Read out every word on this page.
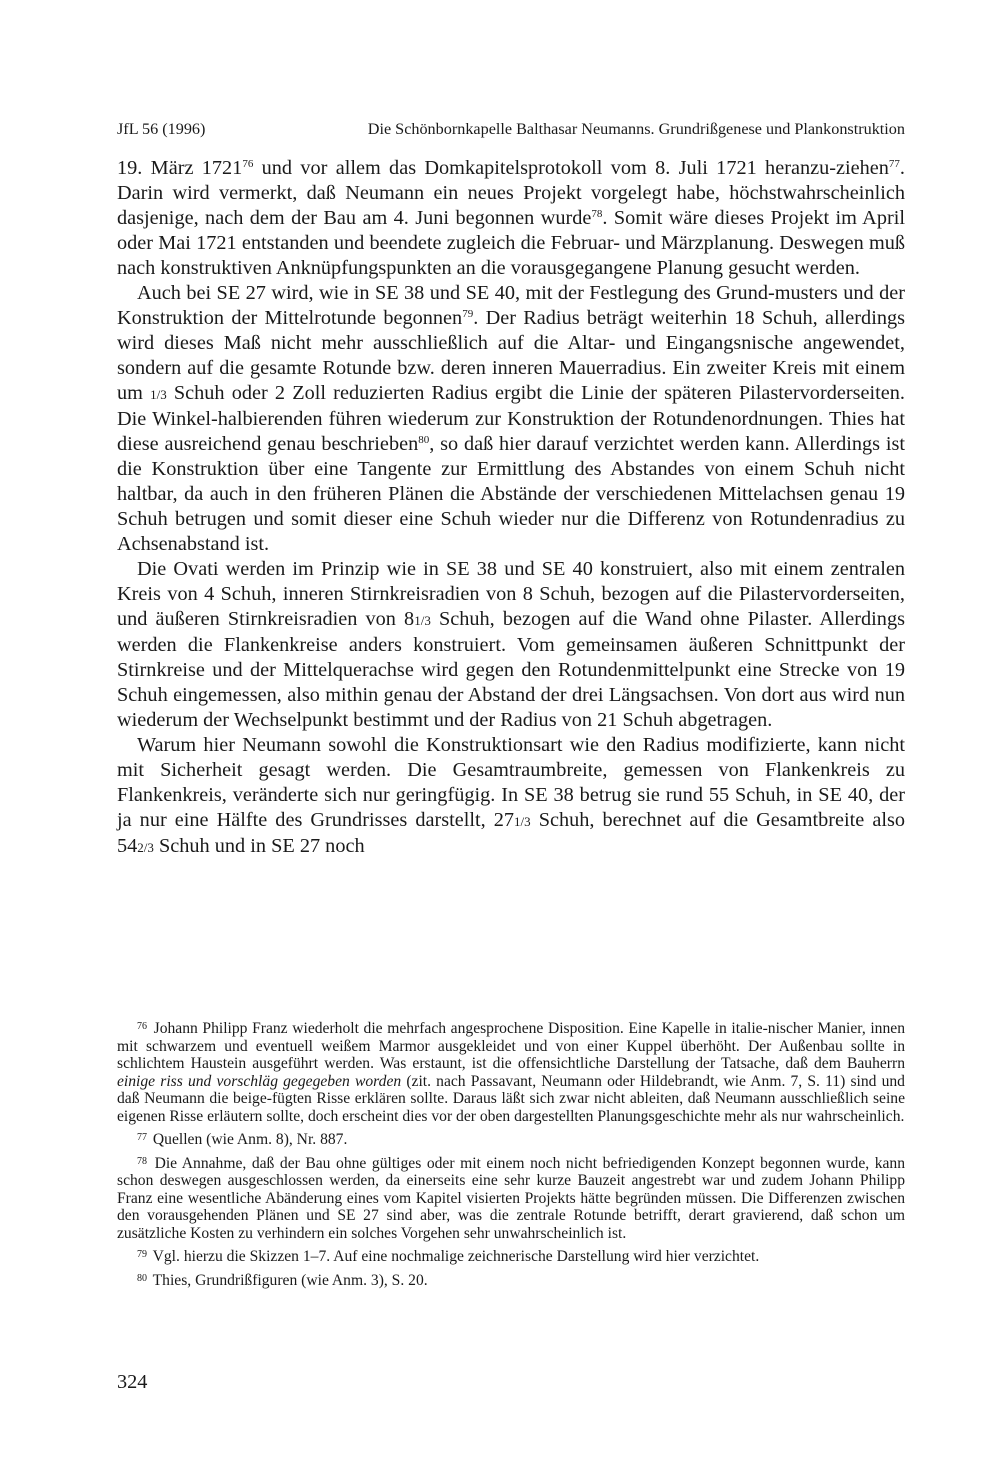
JfL 56 (1996)	Die Schönbornkapelle Balthasar Neumanns. Grundrißgenese und Plankonstruktion

19. März 1721$^{76}$ und vor allem das Domkapitelsprotokoll vom 8. Juli 1721 heranzu-ziehen$^{77}$. Darin wird vermerkt, daß Neumann ein neues Projekt vorgelegt habe, höchstwahrscheinlich dasjenige, nach dem der Bau am 4. Juni begonnen wurde$^{78}$. Somit wäre dieses Projekt im April oder Mai 1721 entstanden und beendete zugleich die Februar- und Märzplanung. Deswegen muß nach konstruktiven Anknüpfungspunkten an die vorausgegangene Planung gesucht werden.

Auch bei SE 27 wird, wie in SE 38 und SE 40, mit der Festlegung des Grund-musters und der Konstruktion der Mittelrotunde begonnen$^{79}$. Der Radius beträgt weiterhin 18 Schuh, allerdings wird dieses Maß nicht mehr ausschließlich auf die Altar- und Eingangsnische angewendet, sondern auf die gesamte Rotunde bzw. deren inneren Mauerradius. Ein zweiter Kreis mit einem um 1/3 Schuh oder 2 Zoll reduzierten Radius ergibt die Linie der späteren Pilastervorderseiten. Die Winkel-halbierenden führen wiederum zur Konstruktion der Rotundenordnungen. Thies hat diese ausreichend genau beschrieben$^{80}$, so daß hier darauf verzichtet werden kann. Allerdings ist die Konstruktion über eine Tangente zur Ermittlung des Abstandes von einem Schuh nicht haltbar, da auch in den früheren Plänen die Abstände der verschiedenen Mittelachsen genau 19 Schuh betrugen und somit dieser eine Schuh wieder nur die Differenz von Rotundenradius zu Achsenabstand ist.

Die Ovati werden im Prinzip wie in SE 38 und SE 40 konstruiert, also mit einem zentralen Kreis von 4 Schuh, inneren Stirnkreisradien von 8 Schuh, bezogen auf die Pilastervorderseiten, und äußeren Stirnkreisradien von 81/3 Schuh, bezogen auf die Wand ohne Pilaster. Allerdings werden die Flankenkreise anders konstruiert. Vom gemeinsamen äußeren Schnittpunkt der Stirnkreise und der Mittelquerachse wird gegen den Rotundenmittelpunkt eine Strecke von 19 Schuh eingemessen, also mithin genau der Abstand der drei Längsachsen. Von dort aus wird nun wiederum der Wechselpunkt bestimmt und der Radius von 21 Schuh abgetragen.

Warum hier Neumann sowohl die Konstruktionsart wie den Radius modifizierte, kann nicht mit Sicherheit gesagt werden. Die Gesamtraumbreite, gemessen von Flankenkreis zu Flankenkreis, veränderte sich nur geringfügig. In SE 38 betrug sie rund 55 Schuh, in SE 40, der ja nur eine Hälfte des Grundrisses darstellt, 271/3 Schuh, berechnet auf die Gesamtbreite also 542/3 Schuh und in SE 27 noch

$^{76}$ Johann Philipp Franz wiederholt die mehrfach angesprochene Disposition. Eine Kapelle in italie-nischer Manier, innen mit schwarzem und eventuell weißem Marmor ausgekleidet und von einer Kuppel überhöht. Der Außenbau sollte in schlichtem Haustein ausgeführt werden. Was erstaunt, ist die offensichtliche Darstellung der Tatsache, daß dem Bauherrn einige riss und vorschläg gegegeben worden (zit. nach Passavant, Neumann oder Hildebrandt, wie Anm. 7, S. 11) sind und daß Neumann die beige-fügten Risse erklären sollte. Daraus läßt sich zwar nicht ableiten, daß Neumann ausschließlich seine eigenen Risse erläutern sollte, doch erscheint dies vor der oben dargestellten Planungsgeschichte mehr als nur wahrscheinlich.

$^{77}$ Quellen (wie Anm. 8), Nr. 887.

$^{78}$ Die Annahme, daß der Bau ohne gültiges oder mit einem noch nicht befriedigenden Konzept begonnen wurde, kann schon deswegen ausgeschlossen werden, da einerseits eine sehr kurze Bauzeit angestrebt war und zudem Johann Philipp Franz eine wesentliche Abänderung eines vom Kapitel visierten Projekts hätte begründen müssen. Die Differenzen zwischen den vorausgehenden Plänen und SE 27 sind aber, was die zentrale Rotunde betrifft, derart gravierend, daß schon um zusätzliche Kosten zu verhindern ein solches Vorgehen sehr unwahrscheinlich ist.

$^{79}$ Vgl. hierzu die Skizzen 1–7. Auf eine nochmalige zeichnerische Darstellung wird hier verzichtet.

$^{80}$ Thies, Grundrißfiguren (wie Anm. 3), S. 20.

324
